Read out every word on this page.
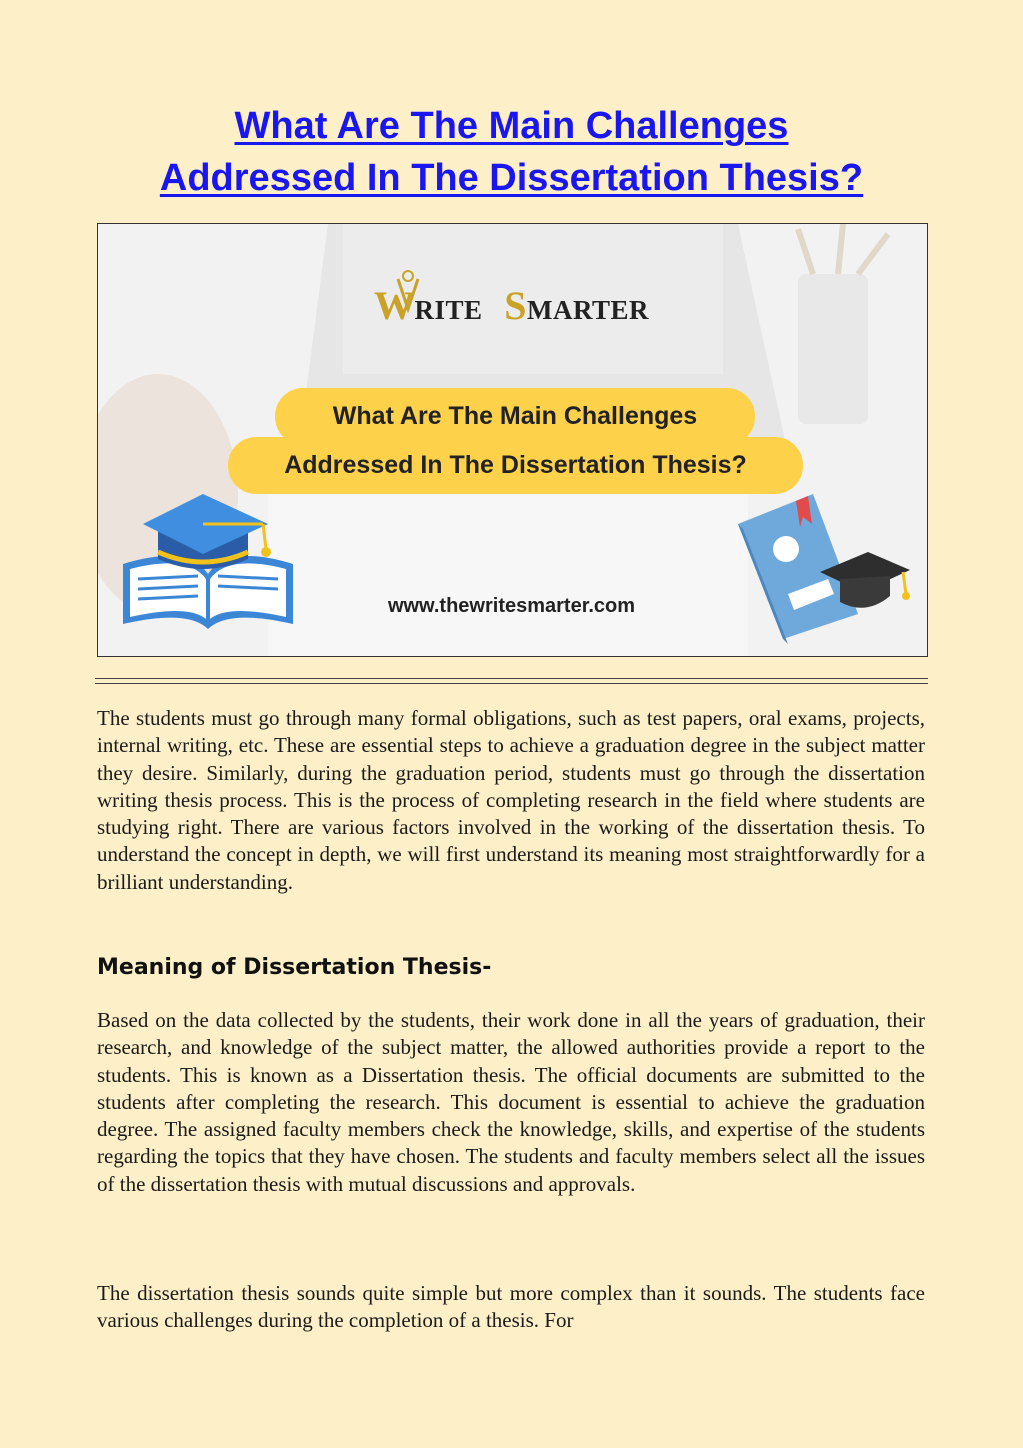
What Are The Main Challenges
Addressed In The Dissertation Thesis?
WRITE SMARTER
What Are The Main Challenges
Addressed In The Dissertation Thesis?
www.thewritesmarter.com

The students must go through many formal obligations, such as test papers, oral exams, projects, internal writing, etc. These are essential steps to achieve a graduation degree in the subject matter they desire. Similarly, during the graduation period, students must go through the dissertation writing thesis process. This is the process of completing research in the field where students are studying right. There are various factors involved in the working of the dissertation thesis. To understand the concept in depth, we will first understand its meaning most straightforwardly for a brilliant understanding.

Meaning of Dissertation Thesis-

Based on the data collected by the students, their work done in all the years of graduation, their research, and knowledge of the subject matter, the allowed authorities provide a report to the students. This is known as a Dissertation thesis. The official documents are submitted to the students after completing the research. This document is essential to achieve the graduation degree. The assigned faculty members check the knowledge, skills, and expertise of the students regarding the topics that they have chosen. The students and faculty members select all the issues of the dissertation thesis with mutual discussions and approvals.

The dissertation thesis sounds quite simple but more complex than it sounds. The students face various challenges during the completion of a thesis. For
